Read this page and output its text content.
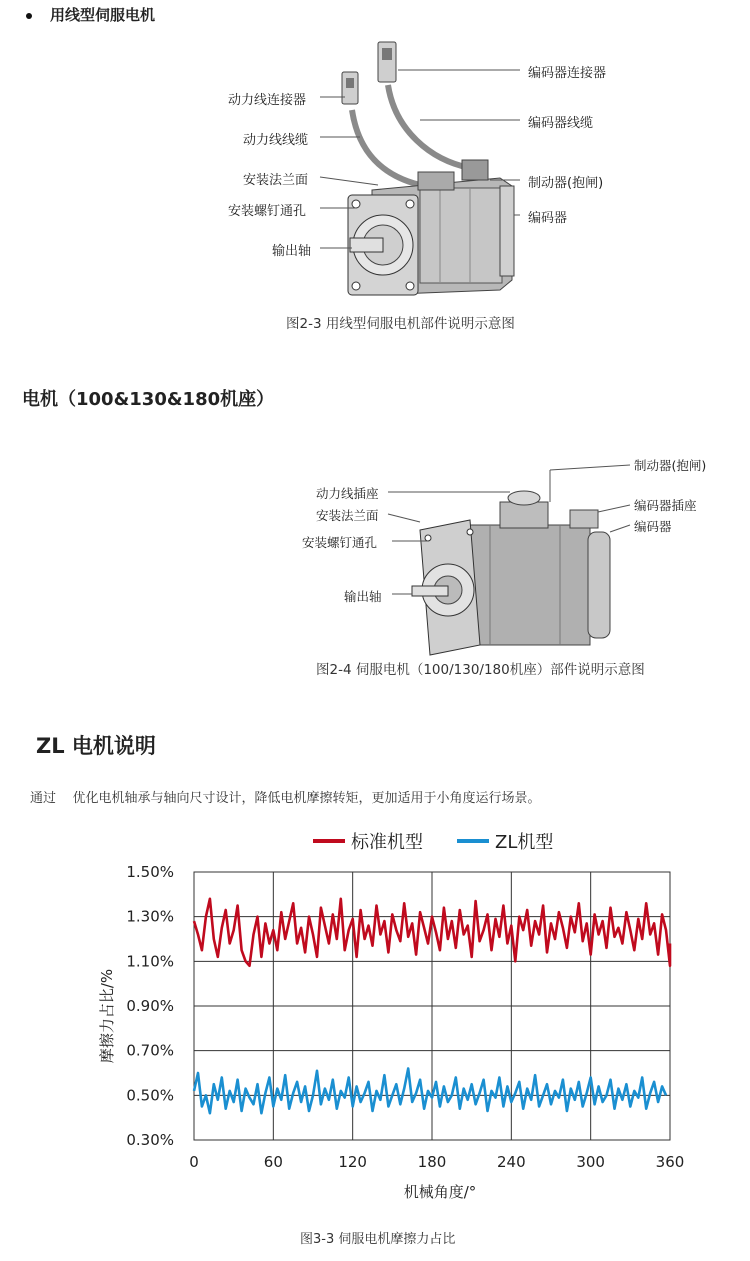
用线型伺服电机
编码器连接器
动力线连接器
编码器线缆
动力线线缆
安装法兰面	制动器(抱闸)
安装螺钉通孔	编码器
输出轴
图2-3 用线型伺服电机部件说明示意图
电机（100&130&180机座）
制动器(抱闸)
动力线插座
编码器插座
安装法兰面
编码器
安装螺钉通孔
输出轴
图2-4 伺服电机（100/130/180机座）部件说明示意图
ZL 电机说明
通过    优化电机轴承与轴向尺寸设计，降低电机摩擦转矩，更加适用于小角度运行场景。
标准机型	ZL机型
1.50%
1.30%
1.10%
0.90%
0.70%
0.50%
0.30%
0	60	120	180	240	300	360
机械角度/°
摩擦力占比/%
图3-3 伺服电机摩擦力占比
